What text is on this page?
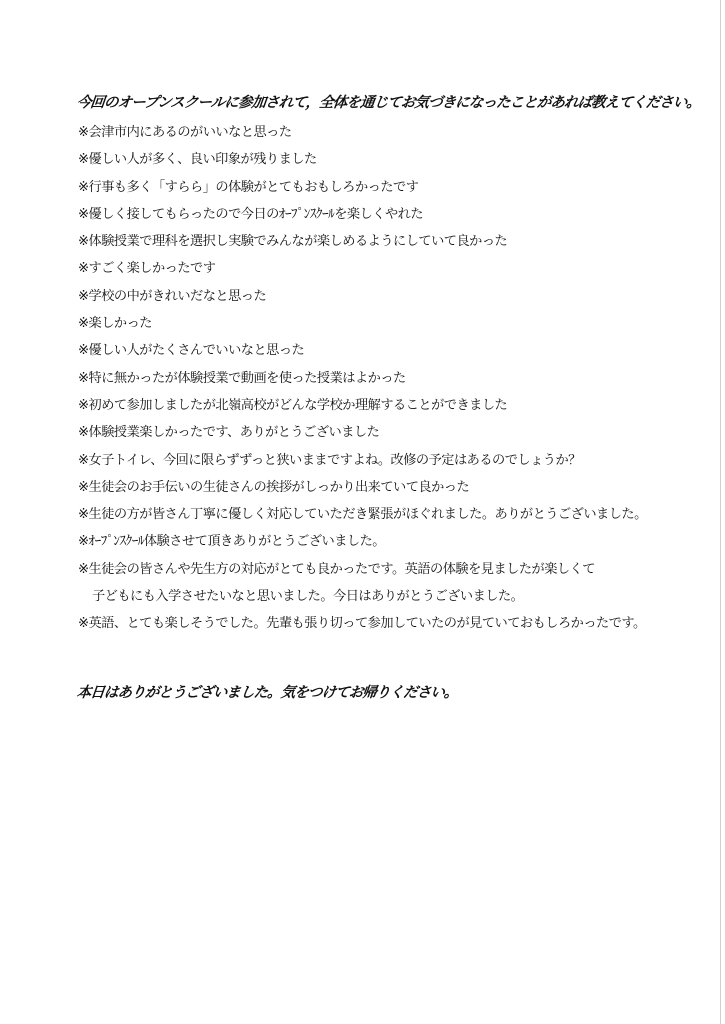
今回のオープンスクールに参加されて，全体を通じてお気づきになったことがあれば教えてください。
※会津市内にあるのがいいなと思った
※優しい人が多く、良い印象が残りました
※行事も多く「すらら」の体験がとてもおもしろかったです
※優しく接してもらったので今日のｵｰﾌﾟﾝｽｸｰﾙを楽しくやれた
※体験授業で理科を選択し実験でみんなが楽しめるようにしていて良かった
※すごく楽しかったです
※学校の中がきれいだなと思った
※楽しかった
※優しい人がたくさんでいいなと思った
※特に無かったが体験授業で動画を使った授業はよかった
※初めて参加しましたが北嶺高校がどんな学校か理解することができました
※体験授業楽しかったです、ありがとうございました
※女子トイレ、今回に限らずずっと狭いままですよね。改修の予定はあるのでしょうか？
※生徒会のお手伝いの生徒さんの挨拶がしっかり出来ていて良かった
※生徒の方が皆さん丁寧に優しく対応していただき緊張がほぐれました。ありがとうございました。
※ｵｰﾌﾟﾝｽｸｰﾙ体験させて頂きありがとうございました。
※生徒会の皆さんや先生方の対応がとても良かったです。英語の体験を見ましたが楽しくて
子どもにも入学させたいなと思いました。今日はありがとうございました。
※英語、とても楽しそうでした。先輩も張り切って参加していたのが見ていておもしろかったです。
本日はありがとうございました。気をつけてお帰りください。
